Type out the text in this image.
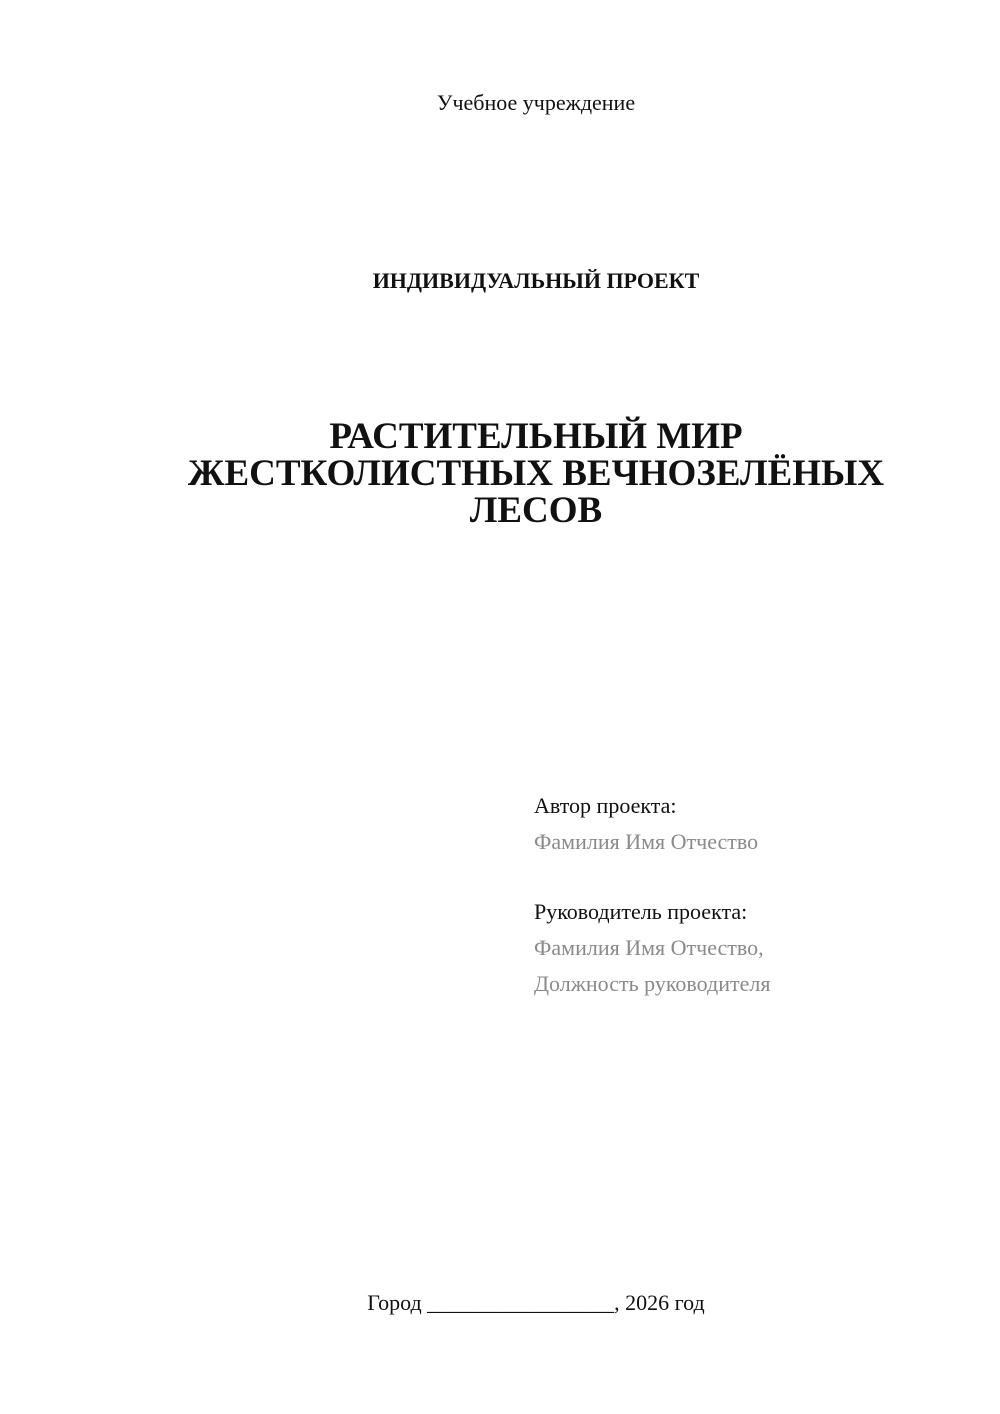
Учебное учреждение
ИНДИВИДУАЛЬНЫЙ ПРОЕКТ
РАСТИТЕЛЬНЫЙ МИР
ЖЕСТКОЛИСТНЫХ ВЕЧНОЗЕЛЁНЫХ
ЛЕСОВ
Автор проекта:
Фамилия Имя Отчество
Руководитель проекта:
Фамилия Имя Отчество,
Должность руководителя
Город _________________, 2026 год
